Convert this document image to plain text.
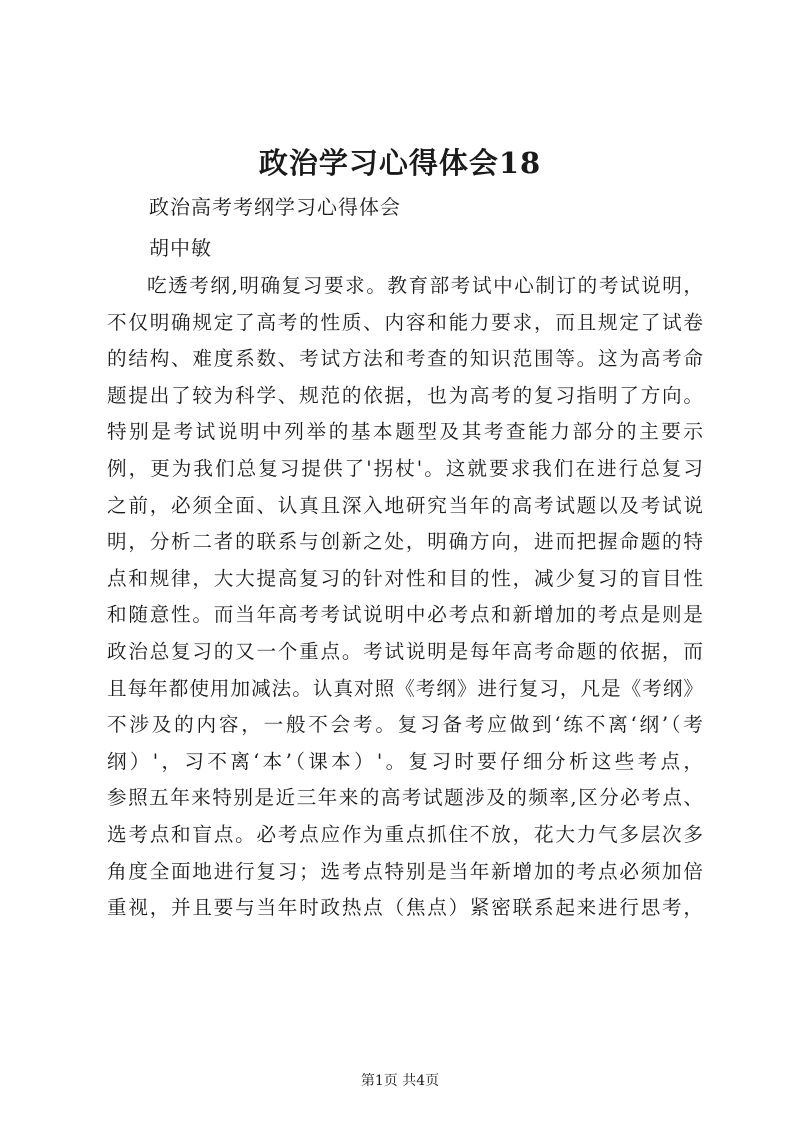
政治学习心得体会18
政治高考考纲学习心得体会
胡中敏
吃透考纲,明确复习要求。教育部考试中心制订的考试说明，
不仅明确规定了高考的性质、内容和能力要求，而且规定了试卷
的结构、难度系数、考试方法和考查的知识范围等。这为高考命
题提出了较为科学、规范的依据，也为高考的复习指明了方向。
特别是考试说明中列举的基本题型及其考查能力部分的主要示
例，更为我们总复习提供了'拐杖'。这就要求我们在进行总复习
之前，必须全面、认真且深入地研究当年的高考试题以及考试说
明，分析二者的联系与创新之处，明确方向，进而把握命题的特
点和规律，大大提高复习的针对性和目的性，减少复习的盲目性
和随意性。而当年高考考试说明中必考点和新增加的考点是则是
政治总复习的又一个重点。考试说明是每年高考命题的依据，而
且每年都使用加减法。认真对照《考纲》进行复习，凡是《考纲》
不涉及的内容，一般不会考。复习备考应做到‘练不离‘纲’（考
纲）'，习不离‘本’（课本）'。复习时要仔细分析这些考点，
参照五年来特别是近三年来的高考试题涉及的频率,区分必考点、
选考点和盲点。必考点应作为重点抓住不放，花大力气多层次多
角度全面地进行复习；选考点特别是当年新增加的考点必须加倍
重视，并且要与当年时政热点（焦点）紧密联系起来进行思考，
第1页 共4页
